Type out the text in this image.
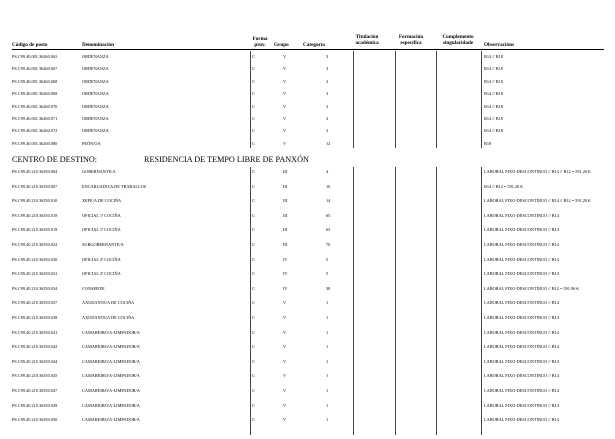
Código de posto	Denominación
Forma
prov.	Grupo	Categoría
Titulación
académica
Formación
específica
Complemento
singularidade	Observacións
PS.C99.40.001.36260.065	ORDENANZA	C	V	3	B14 // B18
PS.C99.40.001.36260.067	ORDENANZA	C	V	3	B14 // B18
PS.C99.40.001.36260.068	ORDENANZA	C	V	3	B14 // B18
PS.C99.40.001.36260.069	ORDENANZA	C	V	3	B14 // B18
PS.C99.40.001.36260.070	ORDENANZA	C	V	3	B14 // B18
PS.C99.40.001.36260.071	ORDENANZA	C	V	3	B14 // B18
PS.C99.40.001.36260.072	ORDENANZA	C	V	3	B14 // B18
PS.C99.40.001.36260.080	PEÓN/OA	C	V	12	B18
CENTRO DE DESTINO:	RESIDENCIA DE TEMPO LIBRE DE PANXÓN
PS.C99.40.210.36350.004	GOBERNANTE/A	C	III	4	LABORAL FIXO-DESCONTINUO // B14 // B12 = 591,20 €.
PS.C99.40.210.36350.007	ENCARGADO/A DE TRABALLOS	C	III	10	B14 // B12 = 591,20 €.
PS.C99.40.210.36350.010	XEFE/A DE COCIÑA	C	III	14	LABORAL FIXO-DESCONTINUO // B14 // B12 = 591,20 €.
PS.C99.40.210.36350.018	OFICIAL 1ª COCIÑA	C	III	65	LABORAL FIXO-DESCONTINUO // B14
PS.C99.40.210.36350.019	OFICIAL 1ª COCIÑA	C	III	65	LABORAL FIXO-DESCONTINUO // B14
PS.C99.40.210.36350.022	SUBGOBERNANTE/A	C	III	70	LABORAL FIXO-DESCONTINUO // B14
PS.C99.40.210.36350.030	OFICIAL 2ª COCIÑA	C	IV	5	LABORAL FIXO-DESCONTINUO // B14
PS.C99.40.210.36350.031	OFICIAL 2ª COCIÑA	C	IV	5	LABORAL FIXO-DESCONTINUO // B14
PS.C99.40.210.36350.034	CONSERXE	C	IV	38	LABORAL FIXO-DESCONTINUO // B12 = 591,96 €.
PS.C99.40.210.36350.037	AXUDANTE/A DE COCIÑA	C	V	1	LABORAL FIXO-DESCONTINUO // B14
PS.C99.40.210.36350.038	AXUDANTE/A DE COCIÑA	C	V	1	LABORAL FIXO-DESCONTINUO // B14
PS.C99.40.210.36350.041	CAMAREIRO/A-LIMPADOR/A	C	V	1	LABORAL FIXO-DESCONTINUO // B14
PS.C99.40.210.36350.042	CAMAREIRO/A-LIMPADOR/A	C	V	1	LABORAL FIXO-DESCONTINUO // B14
PS.C99.40.210.36350.044	CAMAREIRO/A-LIMPADOR/A	C	V	1	LABORAL FIXO-DESCONTINUO // B14
PS.C99.40.210.36350.045	CAMAREIRO/A-LIMPADOR/A	C	V	1	LABORAL FIXO-DESCONTINUO // B14
PS.C99.40.210.36350.047	CAMAREIRO/A-LIMPADOR/A	C	V	1	LABORAL FIXO-DESCONTINUO // B14
PS.C99.40.210.36350.049	CAMAREIRO/A-LIMPADOR/A	C	V	1	LABORAL FIXO-DESCONTINUO // B14
PS.C99.40.210.36350.050	CAMAREIRO/A-LIMPADOR/A	C	V	1	LABORAL FIXO-DESCONTINUO // B14
